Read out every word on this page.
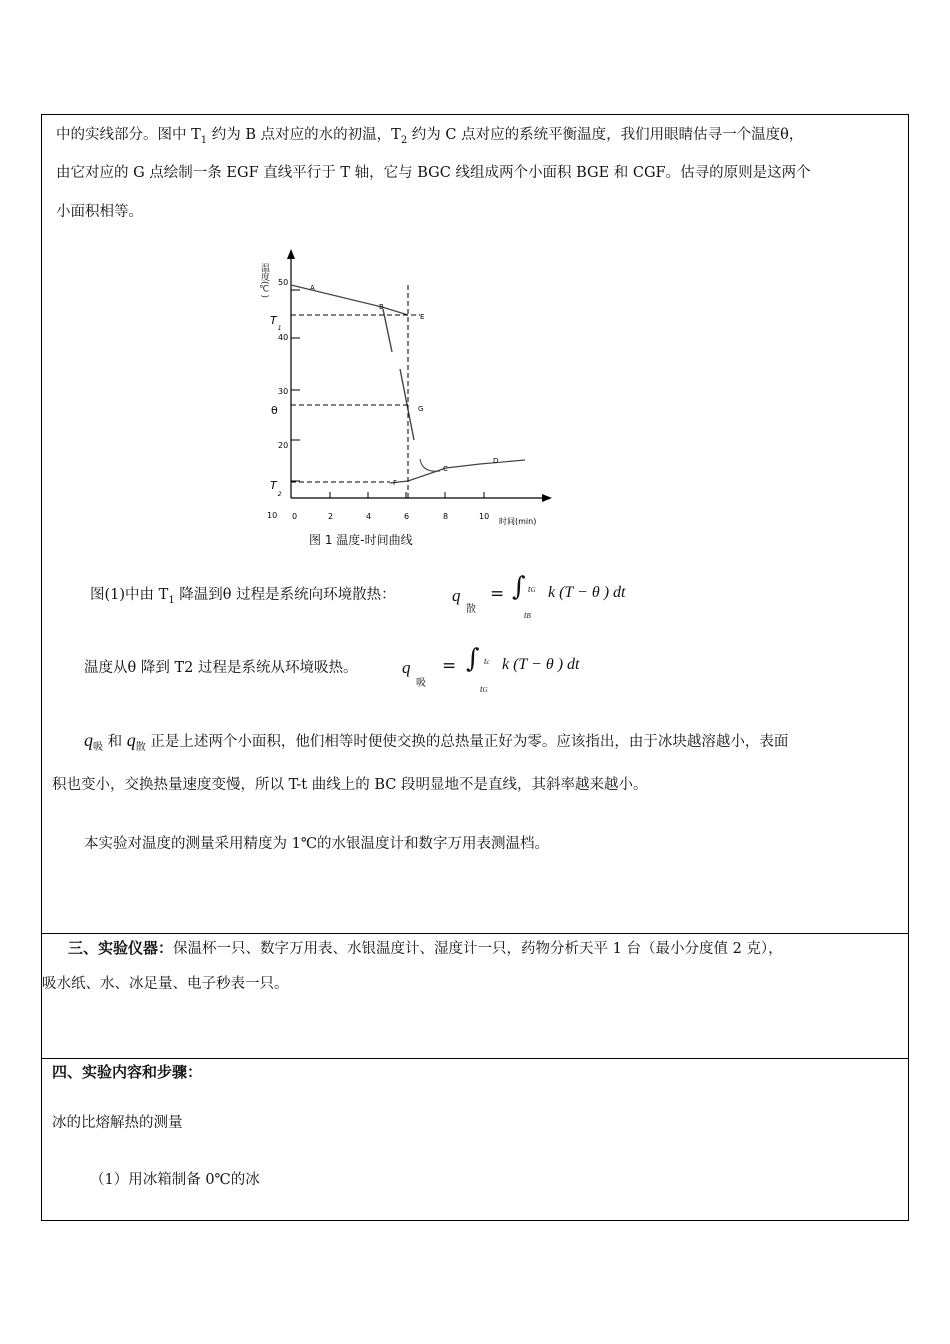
中的实线部分。图中 $T_1$ 约为 B 点对应的水的初温，$T_2$ 约为 C 点对应的系统平衡温度，我们用眼睛估寻一个温度θ，
由它对应的 G 点绘制一条 EGF 直线平行于 T 轴，它与 BGC 线组成两个小面积 BGE 和 CGF。估寻的原则是这两个
小面积相等。
温度(℃) 50
40
30
20
10
$T_1$
θ
$T_2$
0	2	4	6	8	10
时间(min)
A
B
E
G
F
C
D
图 1 温度-时间曲线
图(1)中由 $T_1$ 降温到θ 过程是系统向环境散热：	q
散
= ∫ tG
tB
k (T − θ ) dt
温度从θ 降到 T2 过程是系统从环境吸热。	q
吸
= ∫ tc
tG
k (T − θ ) dt
$q_吸$ 和 $q_散$ 正是上述两个小面积，他们相等时便使交换的总热量正好为零。应该指出，由于冰块越溶越小，表面
积也变小，交换热量速度变慢，所以 T-t 曲线上的 BC 段明显地不是直线，其斜率越来越小。
本实验对温度的测量采用精度为 1℃的水银温度计和数字万用表测温档。
三、实验仪器：保温杯一只、数字万用表、水银温度计、湿度计一只，药物分析天平 1 台（最小分度值 2 克），
吸水纸、水、冰足量、电子秒表一只。
四、实验内容和步骤：
冰的比熔解热的测量
（1）用冰箱制备 0℃的冰
